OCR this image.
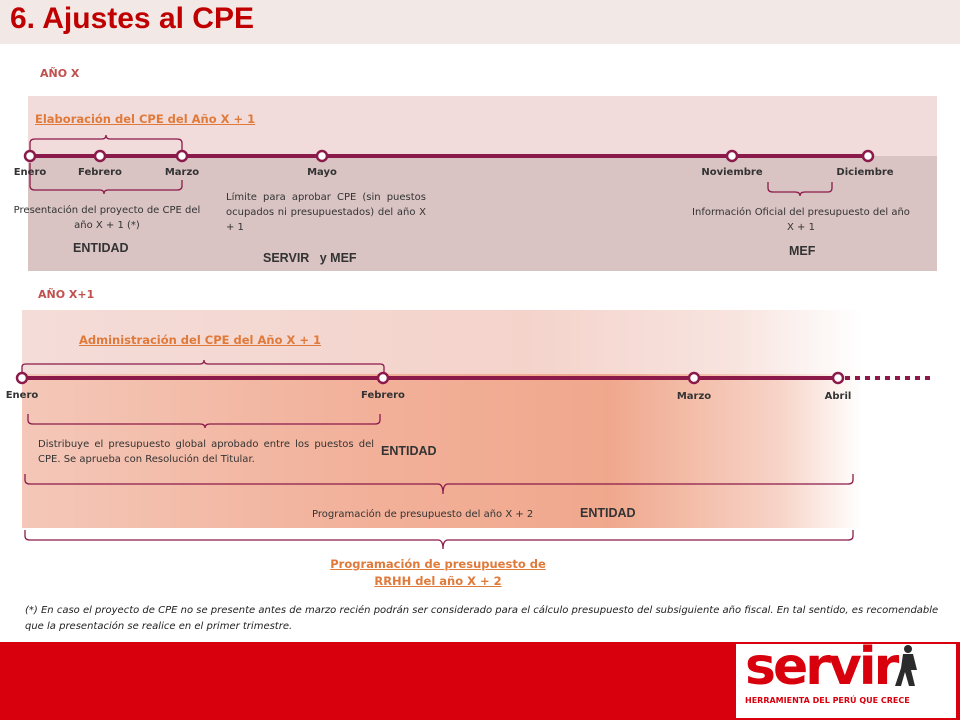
6. Ajustes al CPE
AÑO X
Elaboración del CPE del Año X + 1
AÑO X+1
Administración del CPE del Año X + 1
Enero	Febrero	Marzo	Mayo	Noviembre	Diciembre
Presentación del proyecto de CPE del año X + 1 (*)
ENTIDAD
Límite para aprobar CPE (sin puestos ocupados ni presupuestados) del año X + 1
SERVIR   y MEF
Información Oficial del presupuesto del año X + 1
MEF
Enero	Febrero	Marzo	Abril
Distribuye el presupuesto global aprobado entre los puestos del CPE. Se aprueba con Resolución del Titular.
ENTIDAD
Programación de presupuesto del año X + 2	ENTIDAD
Programación de presupuesto de RRHH del año X + 2
(*) En caso el proyecto de CPE no se presente antes de marzo recién podrán ser considerado para el cálculo presupuesto del subsiguiente año fiscal. En tal sentido, es recomendable que la presentación se realice en el primer trimestre.
servir
HERRAMIENTA DEL PERÚ QUE CRECE
